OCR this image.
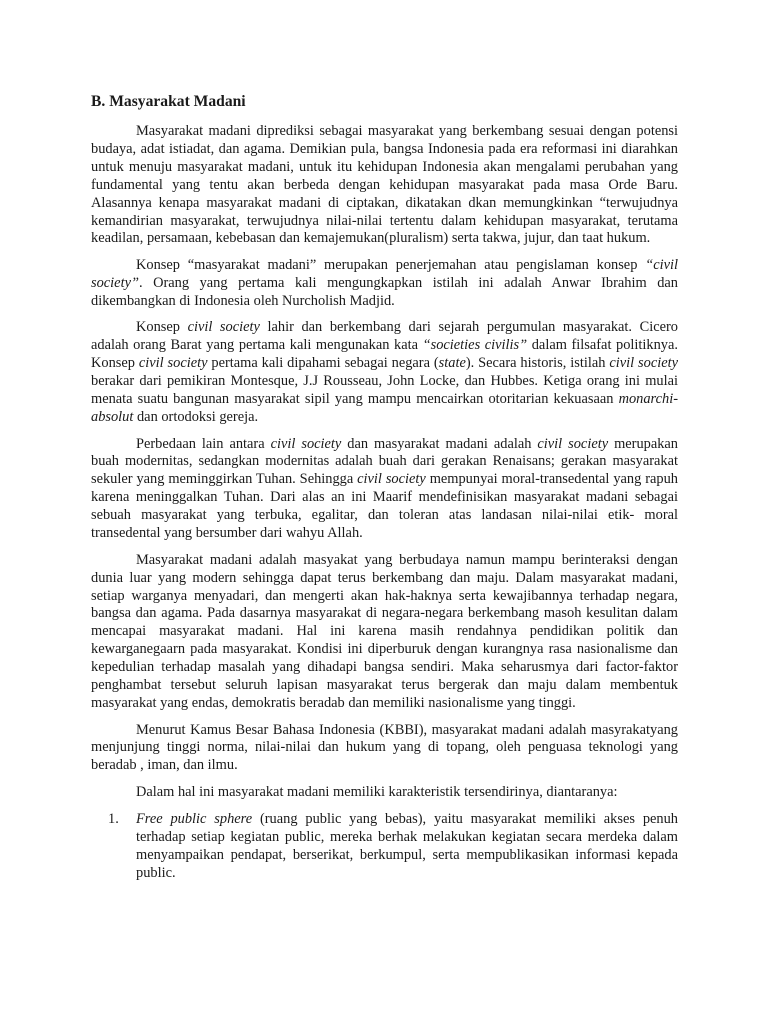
B. Masyarakat Madani

Masyarakat madani diprediksi sebagai masyarakat yang berkembang sesuai dengan potensi budaya, adat istiadat, dan agama. Demikian pula, bangsa Indonesia pada era reformasi ini diarahkan untuk menuju masyarakat madani, untuk itu kehidupan Indonesia akan mengalami perubahan yang fundamental yang tentu akan berbeda dengan kehidupan masyarakat pada masa Orde Baru. Alasannya kenapa masyarakat madani di ciptakan, dikatakan dkan memungkinkan “terwujudnya kemandirian masyarakat, terwujudnya nilai-nilai tertentu dalam kehidupan masyarakat, terutama keadilan, persamaan, kebebasan dan kemajemukan(pluralism) serta takwa, jujur, dan taat hukum.

Konsep “masyarakat madani” merupakan penerjemahan atau pengislaman konsep “civil society”. Orang yang pertama kali mengungkapkan istilah ini adalah Anwar Ibrahim dan dikembangkan di Indonesia oleh Nurcholish Madjid.

Konsep civil society lahir dan berkembang dari sejarah pergumulan masyarakat. Cicero adalah orang Barat yang pertama kali mengunakan kata “societies civilis” dalam filsafat politiknya. Konsep civil society pertama kali dipahami sebagai negara (state). Secara historis, istilah civil society berakar dari pemikiran Montesque, J.J Rousseau, John Locke, dan Hubbes. Ketiga orang ini mulai menata suatu bangunan masyarakat sipil yang mampu mencairkan otoritarian kekuasaan monarchi-absolut dan ortodoksi gereja.

Perbedaan lain antara civil society dan masyarakat madani adalah civil society merupakan buah modernitas, sedangkan modernitas adalah buah dari gerakan Renaisans; gerakan masyarakat sekuler yang meminggirkan Tuhan. Sehingga civil society mempunyai moral-transedental yang rapuh karena meninggalkan Tuhan. Dari alas an ini Maarif mendefinisikan masyarakat madani sebagai sebuah masyarakat yang terbuka, egalitar, dan toleran atas landasan nilai-nilai etik- moral transedental yang bersumber dari wahyu Allah.

Masyarakat madani adalah masyakat yang berbudaya namun mampu berinteraksi dengan dunia luar yang modern sehingga dapat terus berkembang dan maju. Dalam masyarakat madani, setiap warganya menyadari, dan mengerti akan hak-haknya serta kewajibannya terhadap negara, bangsa dan agama. Pada dasarnya masyarakat di negara-negara berkembang masoh kesulitan dalam mencapai masyarakat madani. Hal ini karena masih rendahnya pendidikan politik dan kewarganegaarn pada masyarakat. Kondisi ini diperburuk dengan kurangnya rasa nasionalisme dan kepedulian terhadap masalah yang dihadapi bangsa sendiri. Maka seharusmya dari factor-faktor penghambat tersebut seluruh lapisan masyarakat terus bergerak dan maju dalam membentuk masyarakat yang endas, demokratis beradab dan memiliki nasionalisme yang tinggi.

Menurut Kamus Besar Bahasa Indonesia (KBBI), masyarakat madani adalah masyrakatyang menjunjung tinggi norma, nilai-nilai dan hukum yang di topang, oleh penguasa teknologi yang beradab , iman, dan ilmu.

Dalam hal ini masyarakat madani memiliki karakteristik tersendirinya, diantaranya:

1. Free public sphere (ruang public yang bebas), yaitu masyarakat memiliki akses penuh terhadap setiap kegiatan public, mereka berhak melakukan kegiatan secara merdeka dalam menyampaikan pendapat, berserikat, berkumpul, serta mempublikasikan informasi kepada public.
